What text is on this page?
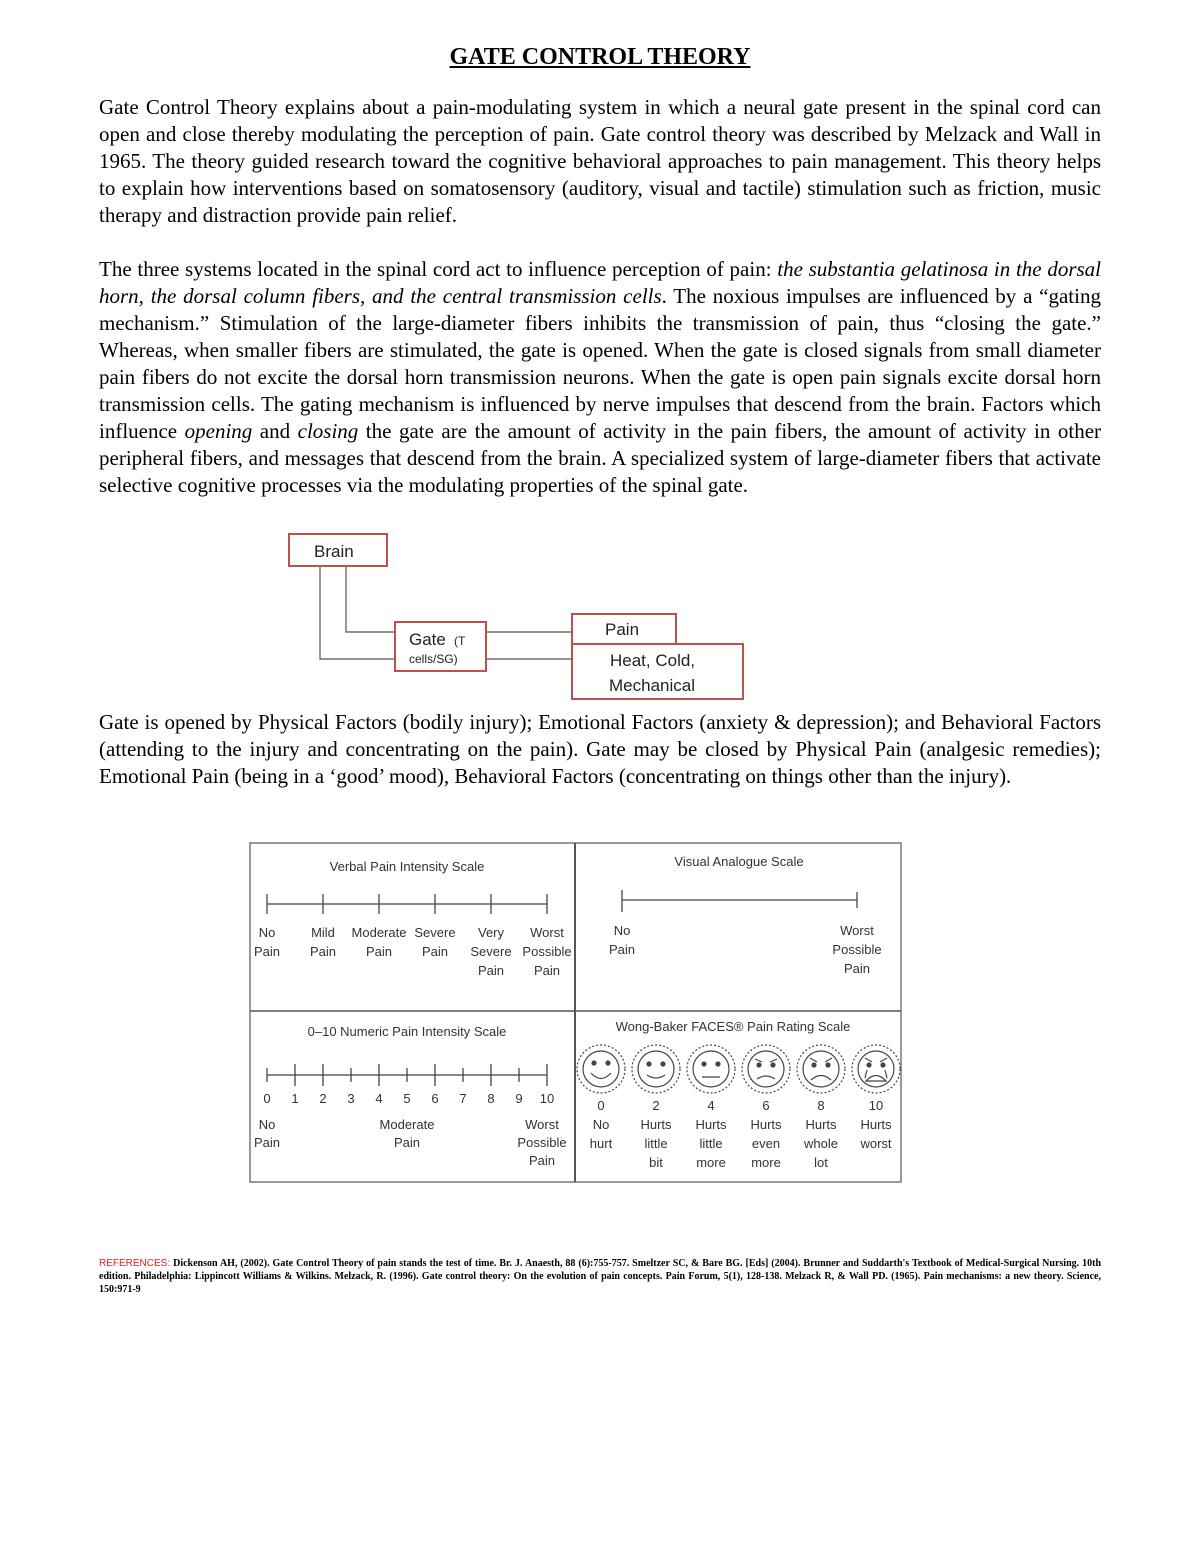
GATE CONTROL THEORY

Gate Control Theory explains about a pain-modulating system in which a neural gate present in the spinal cord can open and close thereby modulating the perception of pain. Gate control theory was described by Melzack and Wall in 1965. The theory guided research toward the cognitive behavioral approaches to pain management. This theory helps to explain how interventions based on somatosensory (auditory, visual and tactile) stimulation such as friction, music therapy and distraction provide pain relief.

The three systems located in the spinal cord act to influence perception of pain: the substantia gelatinosa in the dorsal horn, the dorsal column fibers, and the central transmission cells. The noxious impulses are influenced by a “gating mechanism.” Stimulation of the large-diameter fibers inhibits the transmission of pain, thus “closing the gate.” Whereas, when smaller fibers are stimulated, the gate is opened. When the gate is closed signals from small diameter pain fibers do not excite the dorsal horn transmission neurons. When the gate is open pain signals excite dorsal horn transmission cells. The gating mechanism is influenced by nerve impulses that descend from the brain. Factors which influence opening and closing the gate are the amount of activity in the pain fibers, the amount of activity in other peripheral fibers, and messages that descend from the brain. A specialized system of large-diameter fibers that activate selective cognitive processes via the modulating properties of the spinal gate.

Brain
Gate (T
cells/SG)
Pain
Heat, Cold,
Mechanical

Gate is opened by Physical Factors (bodily injury); Emotional Factors (anxiety & depression); and Behavioral Factors (attending to the injury and concentrating on the pain). Gate may be closed by Physical Pain (analgesic remedies); Emotional Pain (being in a ‘good’ mood), Behavioral Factors (concentrating on things other than the injury).

Verbal Pain Intensity Scale
No
Pain
Mild
Pain
Moderate
Pain
Severe
Pain
Very
Severe
Pain
Worst
Possible
Pain
Visual Analogue Scale
No
Pain
Worst
Possible
Pain
0–10 Numeric Pain Intensity Scale
0 1 2 3 4 5 6 7 8 9 10
No
Pain
Moderate
Pain
Worst
Possible
Pain
Wong-Baker FACES® Pain Rating Scale
0	2	4	6	8	10
No
hurt
Hurts
little
bit
Hurts
little
more
Hurts
even
more
Hurts
whole
lot
Hurts
worst
REFERENCES: Dickenson AH, (2002). Gate Control Theory of pain stands the test of time. Br. J. Anaesth, 88 (6):755-757. Smeltzer SC, & Bare BG. [Eds] (2004). Brunner and Suddarth's Textbook of Medical-Surgical Nursing. 10th edition. Philadelphia: Lippincott Williams & Wilkins. Melzack, R. (1996). Gate control theory: On the evolution of pain concepts. Pain Forum, 5(1), 128-138. Melzack R, & Wall PD. (1965). Pain mechanisms: a new theory. Science, 150:971-9
